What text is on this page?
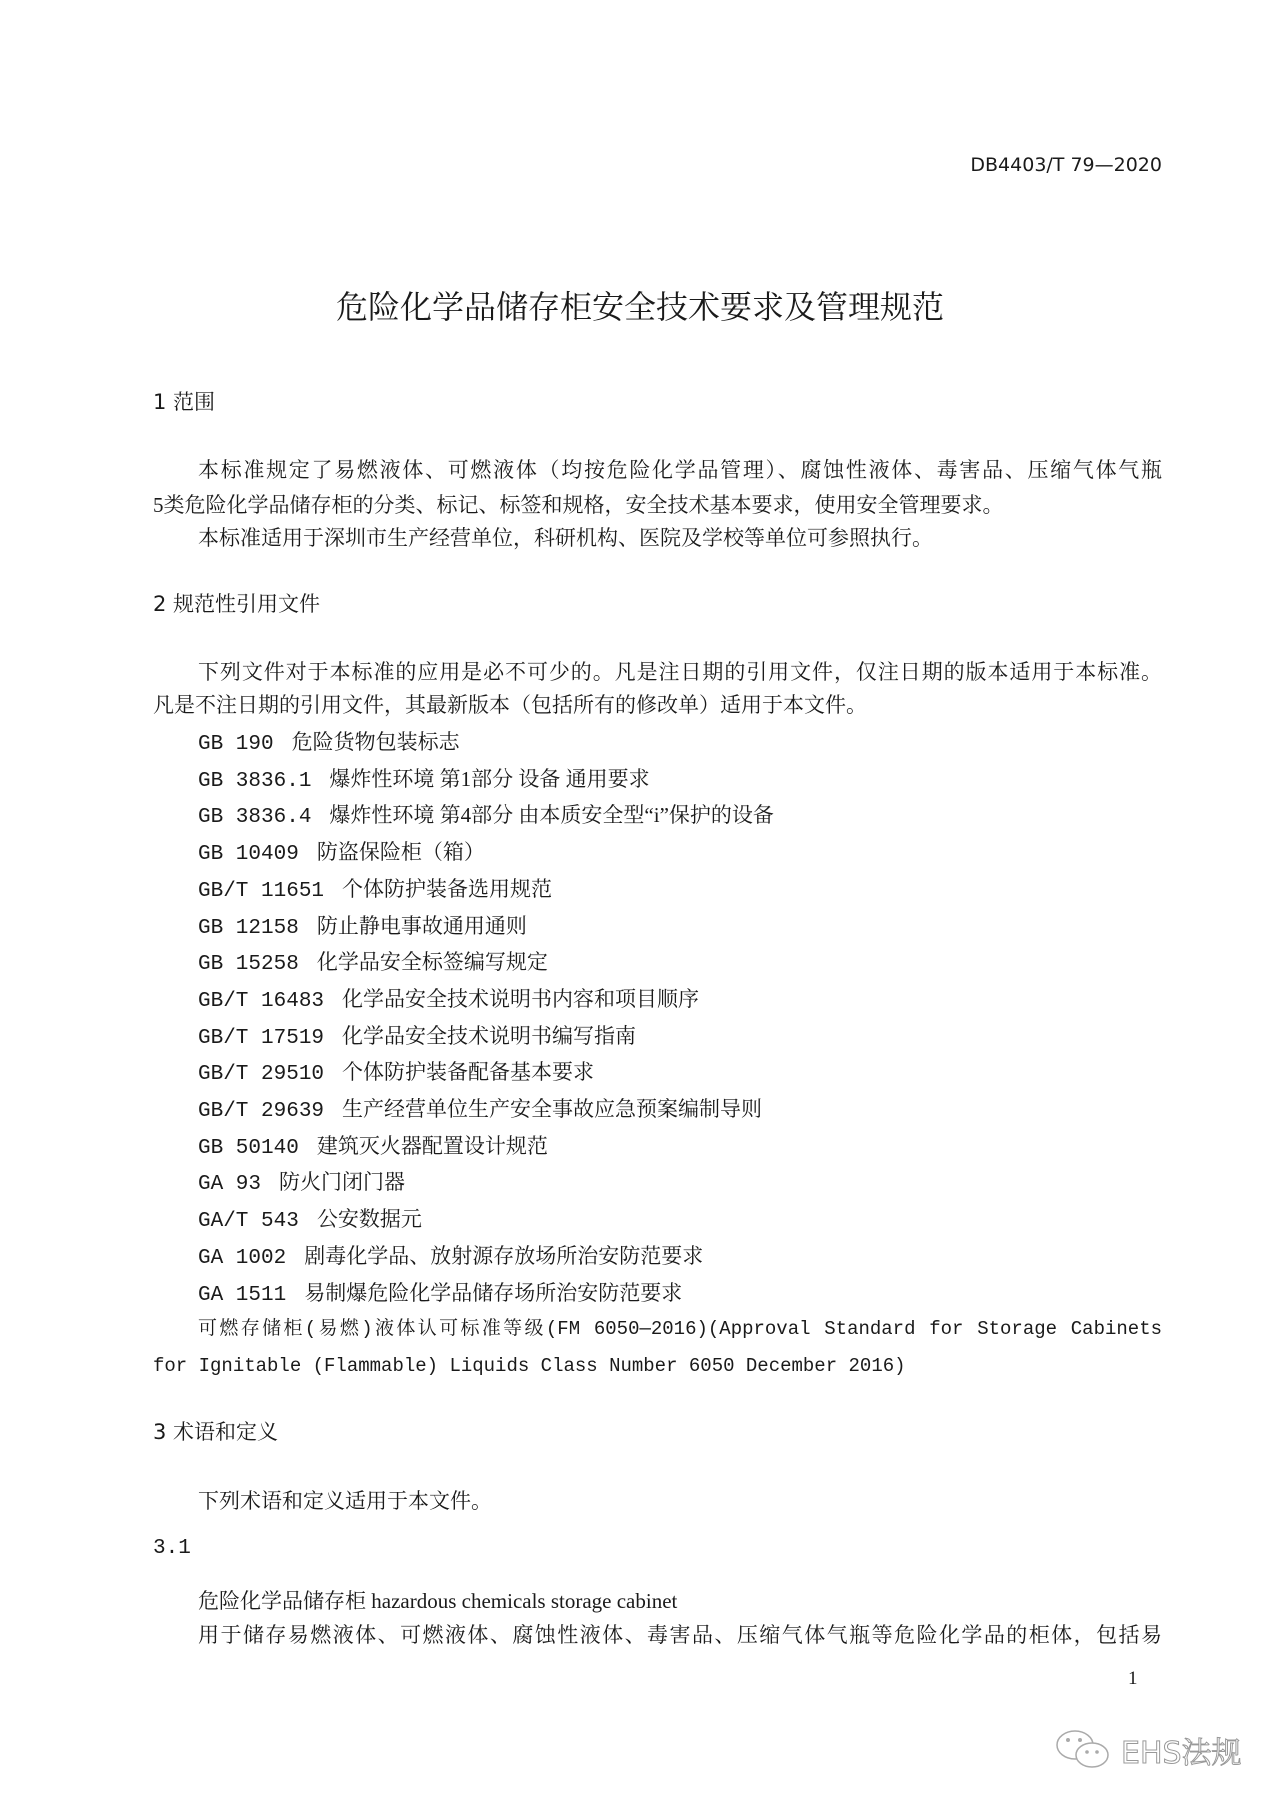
DB4403/T 79—2020
危险化学品储存柜安全技术要求及管理规范
1 范围
本标准规定了易燃液体、可燃液体（均按危险化学品管理）、腐蚀性液体、毒害品、压缩气体气瓶
5类危险化学品储存柜的分类、标记、标签和规格，安全技术基本要求，使用安全管理要求。
本标准适用于深圳市生产经营单位，科研机构、医院及学校等单位可参照执行。
2 规范性引用文件
下列文件对于本标准的应用是必不可少的。凡是注日期的引用文件，仅注日期的版本适用于本标准。
凡是不注日期的引用文件，其最新版本（包括所有的修改单）适用于本文件。
GB 190 危险货物包装标志
GB 3836.1 爆炸性环境 第1部分 设备 通用要求
GB 3836.4 爆炸性环境 第4部分 由本质安全型“i”保护的设备
GB 10409 防盗保险柜（箱）
GB/T 11651 个体防护装备选用规范
GB 12158 防止静电事故通用通则
GB 15258 化学品安全标签编写规定
GB/T 16483 化学品安全技术说明书内容和项目顺序
GB/T 17519 化学品安全技术说明书编写指南
GB/T 29510 个体防护装备配备基本要求
GB/T 29639 生产经营单位生产安全事故应急预案编制导则
GB 50140 建筑灭火器配置设计规范
GA 93 防火门闭门器
GA/T 543 公安数据元
GA 1002 剧毒化学品、放射源存放场所治安防范要求
GA 1511 易制爆危险化学品储存场所治安防范要求
可燃存储柜(易燃)液体认可标准等级(FM 6050—2016)(Approval Standard for Storage Cabinets
for Ignitable (Flammable) Liquids Class Number 6050 December 2016)
3 术语和定义
下列术语和定义适用于本文件。
3.1
危险化学品储存柜 hazardous chemicals storage cabinet
用于储存易燃液体、可燃液体、腐蚀性液体、毒害品、压缩气体气瓶等危险化学品的柜体，包括易
1
EHS法规
